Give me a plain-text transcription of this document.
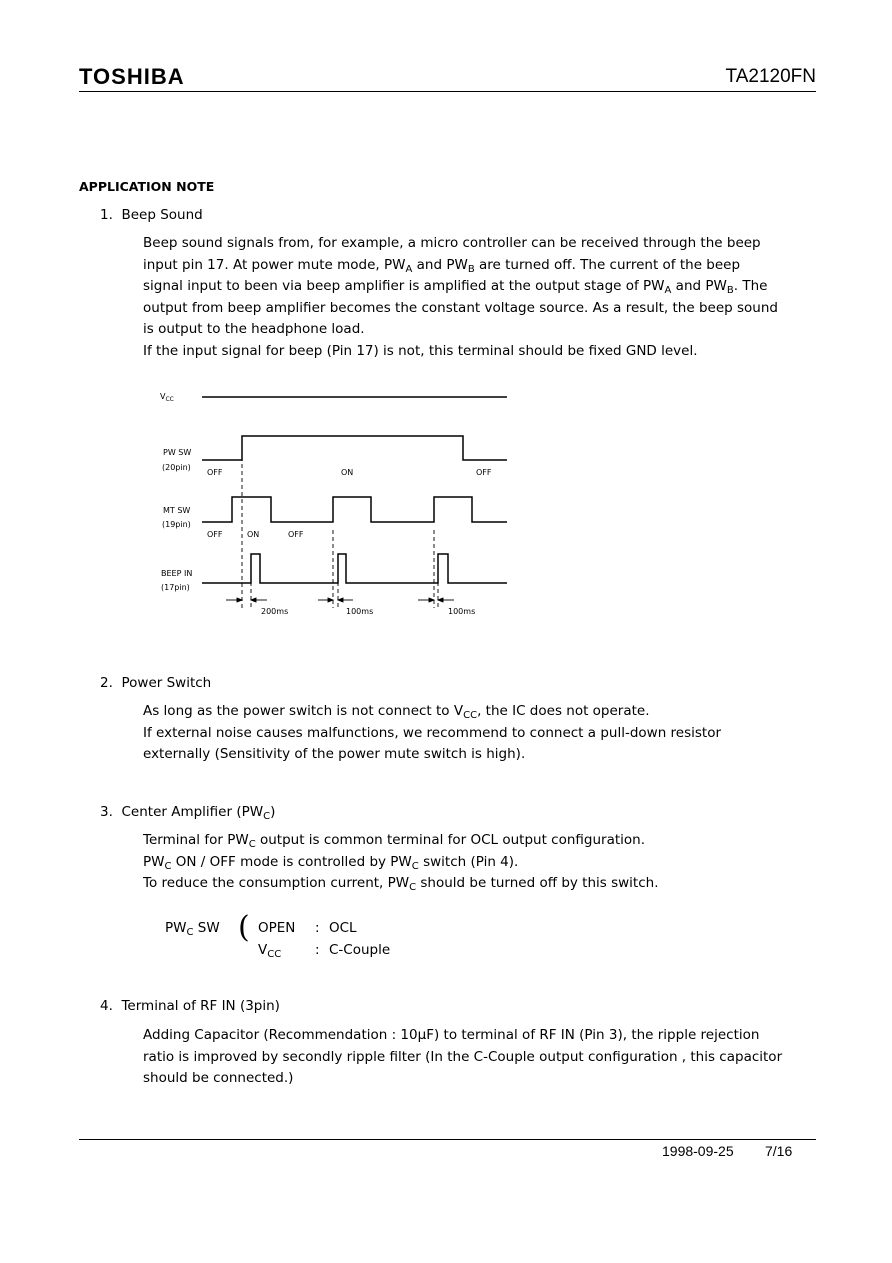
TOSHIBA	TA2120FN
APPLICATION NOTE
1. Beep Sound
Beep sound signals from, for example, a micro controller can be received through the beep
input pin 17. At power mute mode, $PW_A$ and $PW_B$ are turned off. The current of the beep
signal input to been via beep amplifier is amplified at the output stage of $PW_A$ and $PW_B$. The
output from beep amplifier becomes the constant voltage source. As a result, the beep sound
is output to the headphone load.
If the input signal for beep (Pin 17) is not, this terminal should be fixed GND level.
$V_{CC}$
PW SW
(20pin)
OFF	ON	OFF
MT SW
(19pin)
OFF	ON	OFF
BEEP IN
(17pin)
200ms	100ms	100ms
2. Power Switch
As long as the power switch is not connect to $V_{CC}$, the IC does not operate.
If external noise causes malfunctions, we recommend to connect a pull-down resistor
externally (Sensitivity of the power mute switch is high).
3. Center Amplifier $(PW_C)$
Terminal for $PW_C$ output is common terminal for OCL output configuration.
$PW_C$ ON / OFF mode is controlled by $PW_C$ switch (Pin 4).
To reduce the consumption current, $PW_C$ should be turned off by this switch.
$PW_C$ SW ( OPEN : OCL
$V_{CC}$	: C-Couple
4. Terminal of RF IN (3pin)
Adding Capacitor (Recommendation : 10μF) to terminal of RF IN (Pin 3), the ripple rejection
ratio is improved by secondly ripple filter (In the C-Couple output configuration , this capacitor
should be connected.)
1998-09-25 7/16
